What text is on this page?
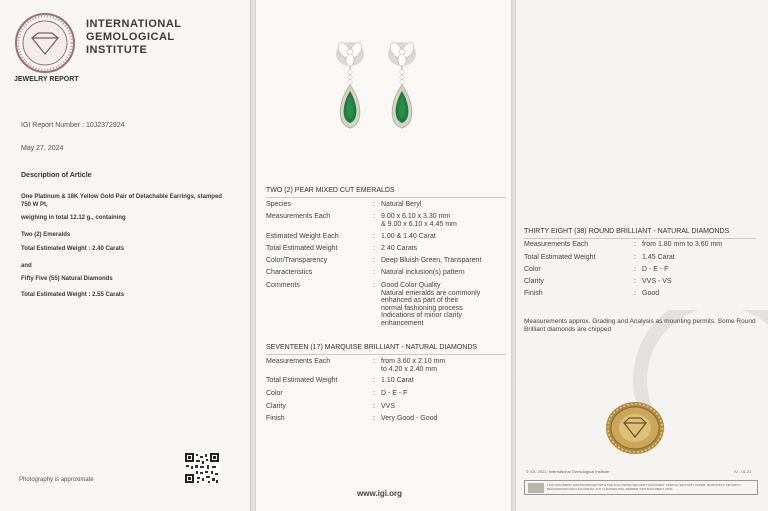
INTERNATIONAL
GEMOLOGICAL
INSTITUTE
JEWELRY REPORT
IGI Report Number : 10J2372924
May 27, 2024
Description of Article
One Platinum & 18K Yellow Gold Pair of Detachable Earrings, stamped 750 W Pt,
weighing in total 12.12 g., containing
Two (2) Emeralds
Total Estimated Weight : 2.40 Carats
and
Fifty Five (55) Natural Diamonds
Total Estimated Weight : 2.55 Carats
Photography is approximate
TWO (2) PEAR MIXED CUT EMERALDS
Species	: Natural Beryl
Measurements Each	: 9.00 x 6.10 x 3.30 mm
& 9.00 x 6.10 x 4.45 mm
Estimated Weight Each	: 1.00 & 1.40 Carat
Total Estimated Weight	: 2.40 Carats
Color/Transparency	: Deep Bluish Green, Transparent
Characteristics	: Natural inclusion(s) pattern
Comments	: Good Color Quality
Natural emeralds are commonly
enhanced as part of their
normal fashioning process
Indications of minor clarity
enhancement
SEVENTEEN (17) MARQUISE BRILLIANT - NATURAL DIAMONDS
Measurements Each	: from 3.60 x 2.10 mm
to 4.20 x 2.40 mm
Total Estimated Weight	: 1.10 Carat
Color	: D - E - F
Clarity	: VVS
Finish	: Very Good - Good
www.igi.org
THIRTY EIGHT (38) ROUND BRILLIANT - NATURAL DIAMONDS
Measurements Each	: from 1.80 mm to 3.60 mm
Total Estimated Weight	: 1.45 Carat
Color	: D - E - F
Clarity	: VVS - VS
Finish	: Good
Measurements approx. Grading and Analysis as mounting permits. Some Round Brilliant diamonds are chipped
© IGI, 2021, International Gemological Institute	IV - 01.21
THIS DOCUMENT WAS PRODUCED WITH THE FOLLOWING SECURITY FEATURES: SPECIAL SECURITY PAPER, MICROTEXT, SECURITY BACKGROUND AND HOLOGRAM. ANY CHANGES WILL RENDER THIS DOCUMENT VOID.
